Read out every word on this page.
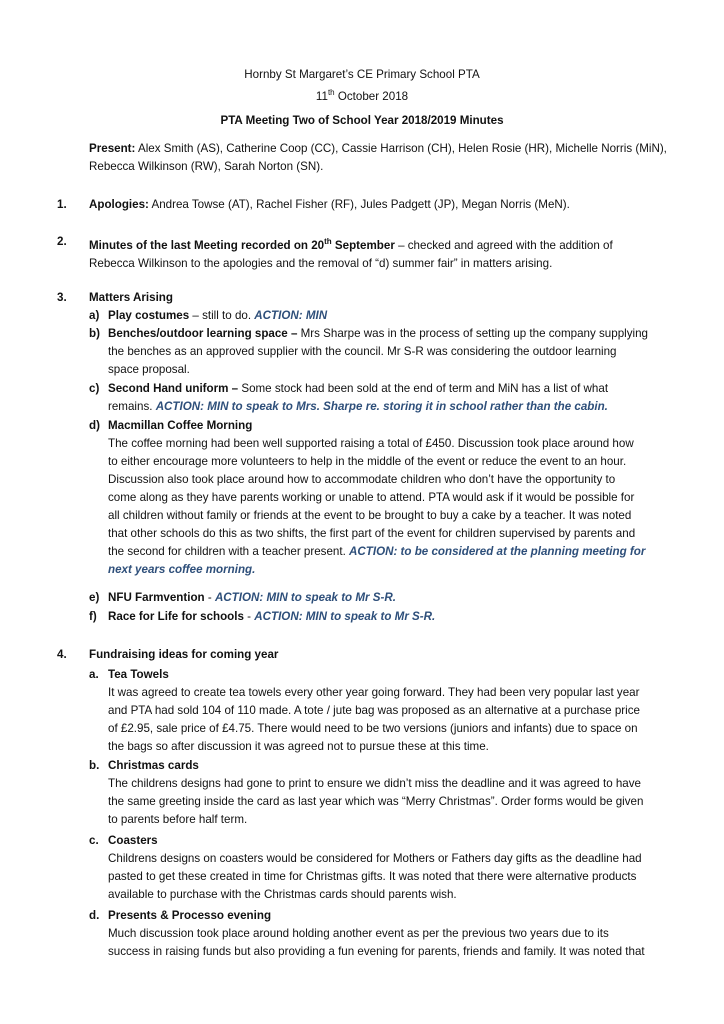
Hornby St Margaret’s CE Primary School PTA
11th October 2018
PTA Meeting Two of School Year 2018/2019 Minutes

Present: Alex Smith (AS), Catherine Coop (CC), Cassie Harrison (CH), Helen Rosie (HR), Michelle Norris (MiN),

Rebecca Wilkinson (RW), Sarah Norton (SN).

1. Apologies: Andrea Towse (AT), Rachel Fisher (RF), Jules Padgett (JP), Megan Norris (MeN).

2. Minutes of the last Meeting recorded on 20th September – checked and agreed with the addition of

Rebecca Wilkinson to the apologies and the removal of “d) summer fair” in matters arising.

3. Matters Arising
a) Play costumes – still to do. ACTION: MIN

b) Benches/outdoor learning space – Mrs Sharpe was in the process of setting up the company supplying

the benches as an approved supplier with the council. Mr S-R was considering the outdoor learning

space proposal.

c) Second Hand uniform – Some stock had been sold at the end of term and MiN has a list of what

remains. ACTION: MIN to speak to Mrs. Sharpe re. storing it in school rather than the cabin.

d) Macmillan Coffee Morning

The coffee morning had been well supported raising a total of £450. Discussion took place around how

to either encourage more volunteers to help in the middle of the event or reduce the event to an hour.

Discussion also took place around how to accommodate children who don’t have the opportunity to

come along as they have parents working or unable to attend. PTA would ask if it would be possible for

all children without family or friends at the event to be brought to buy a cake by a teacher. It was noted

that other schools do this as two shifts, the first part of the event for children supervised by parents and

the second for children with a teacher present. ACTION: to be considered at the planning meeting for

next years coffee morning.

e) NFU Farmvention - ACTION: MIN to speak to Mr S-R.

f) Race for Life for schools - ACTION: MIN to speak to Mr S-R.

4. Fundraising ideas for coming year
a. Tea Towels

It was agreed to create tea towels every other year going forward. They had been very popular last year

and PTA had sold 104 of 110 made. A tote / jute bag was proposed as an alternative at a purchase price

of £2.95, sale price of £4.75. There would need to be two versions (juniors and infants) due to space on

the bags so after discussion it was agreed not to pursue these at this time.

b. Christmas cards

The childrens designs had gone to print to ensure we didn’t miss the deadline and it was agreed to have

the same greeting inside the card as last year which was “Merry Christmas”. Order forms would be given

to parents before half term.

c. Coasters

Childrens designs on coasters would be considered for Mothers or Fathers day gifts as the deadline had

pasted to get these created in time for Christmas gifts. It was noted that there were alternative products

available to purchase with the Christmas cards should parents wish.

d. Presents & Processo evening

Much discussion took place around holding another event as per the previous two years due to its

success in raising funds but also providing a fun evening for parents, friends and family. It was noted that
